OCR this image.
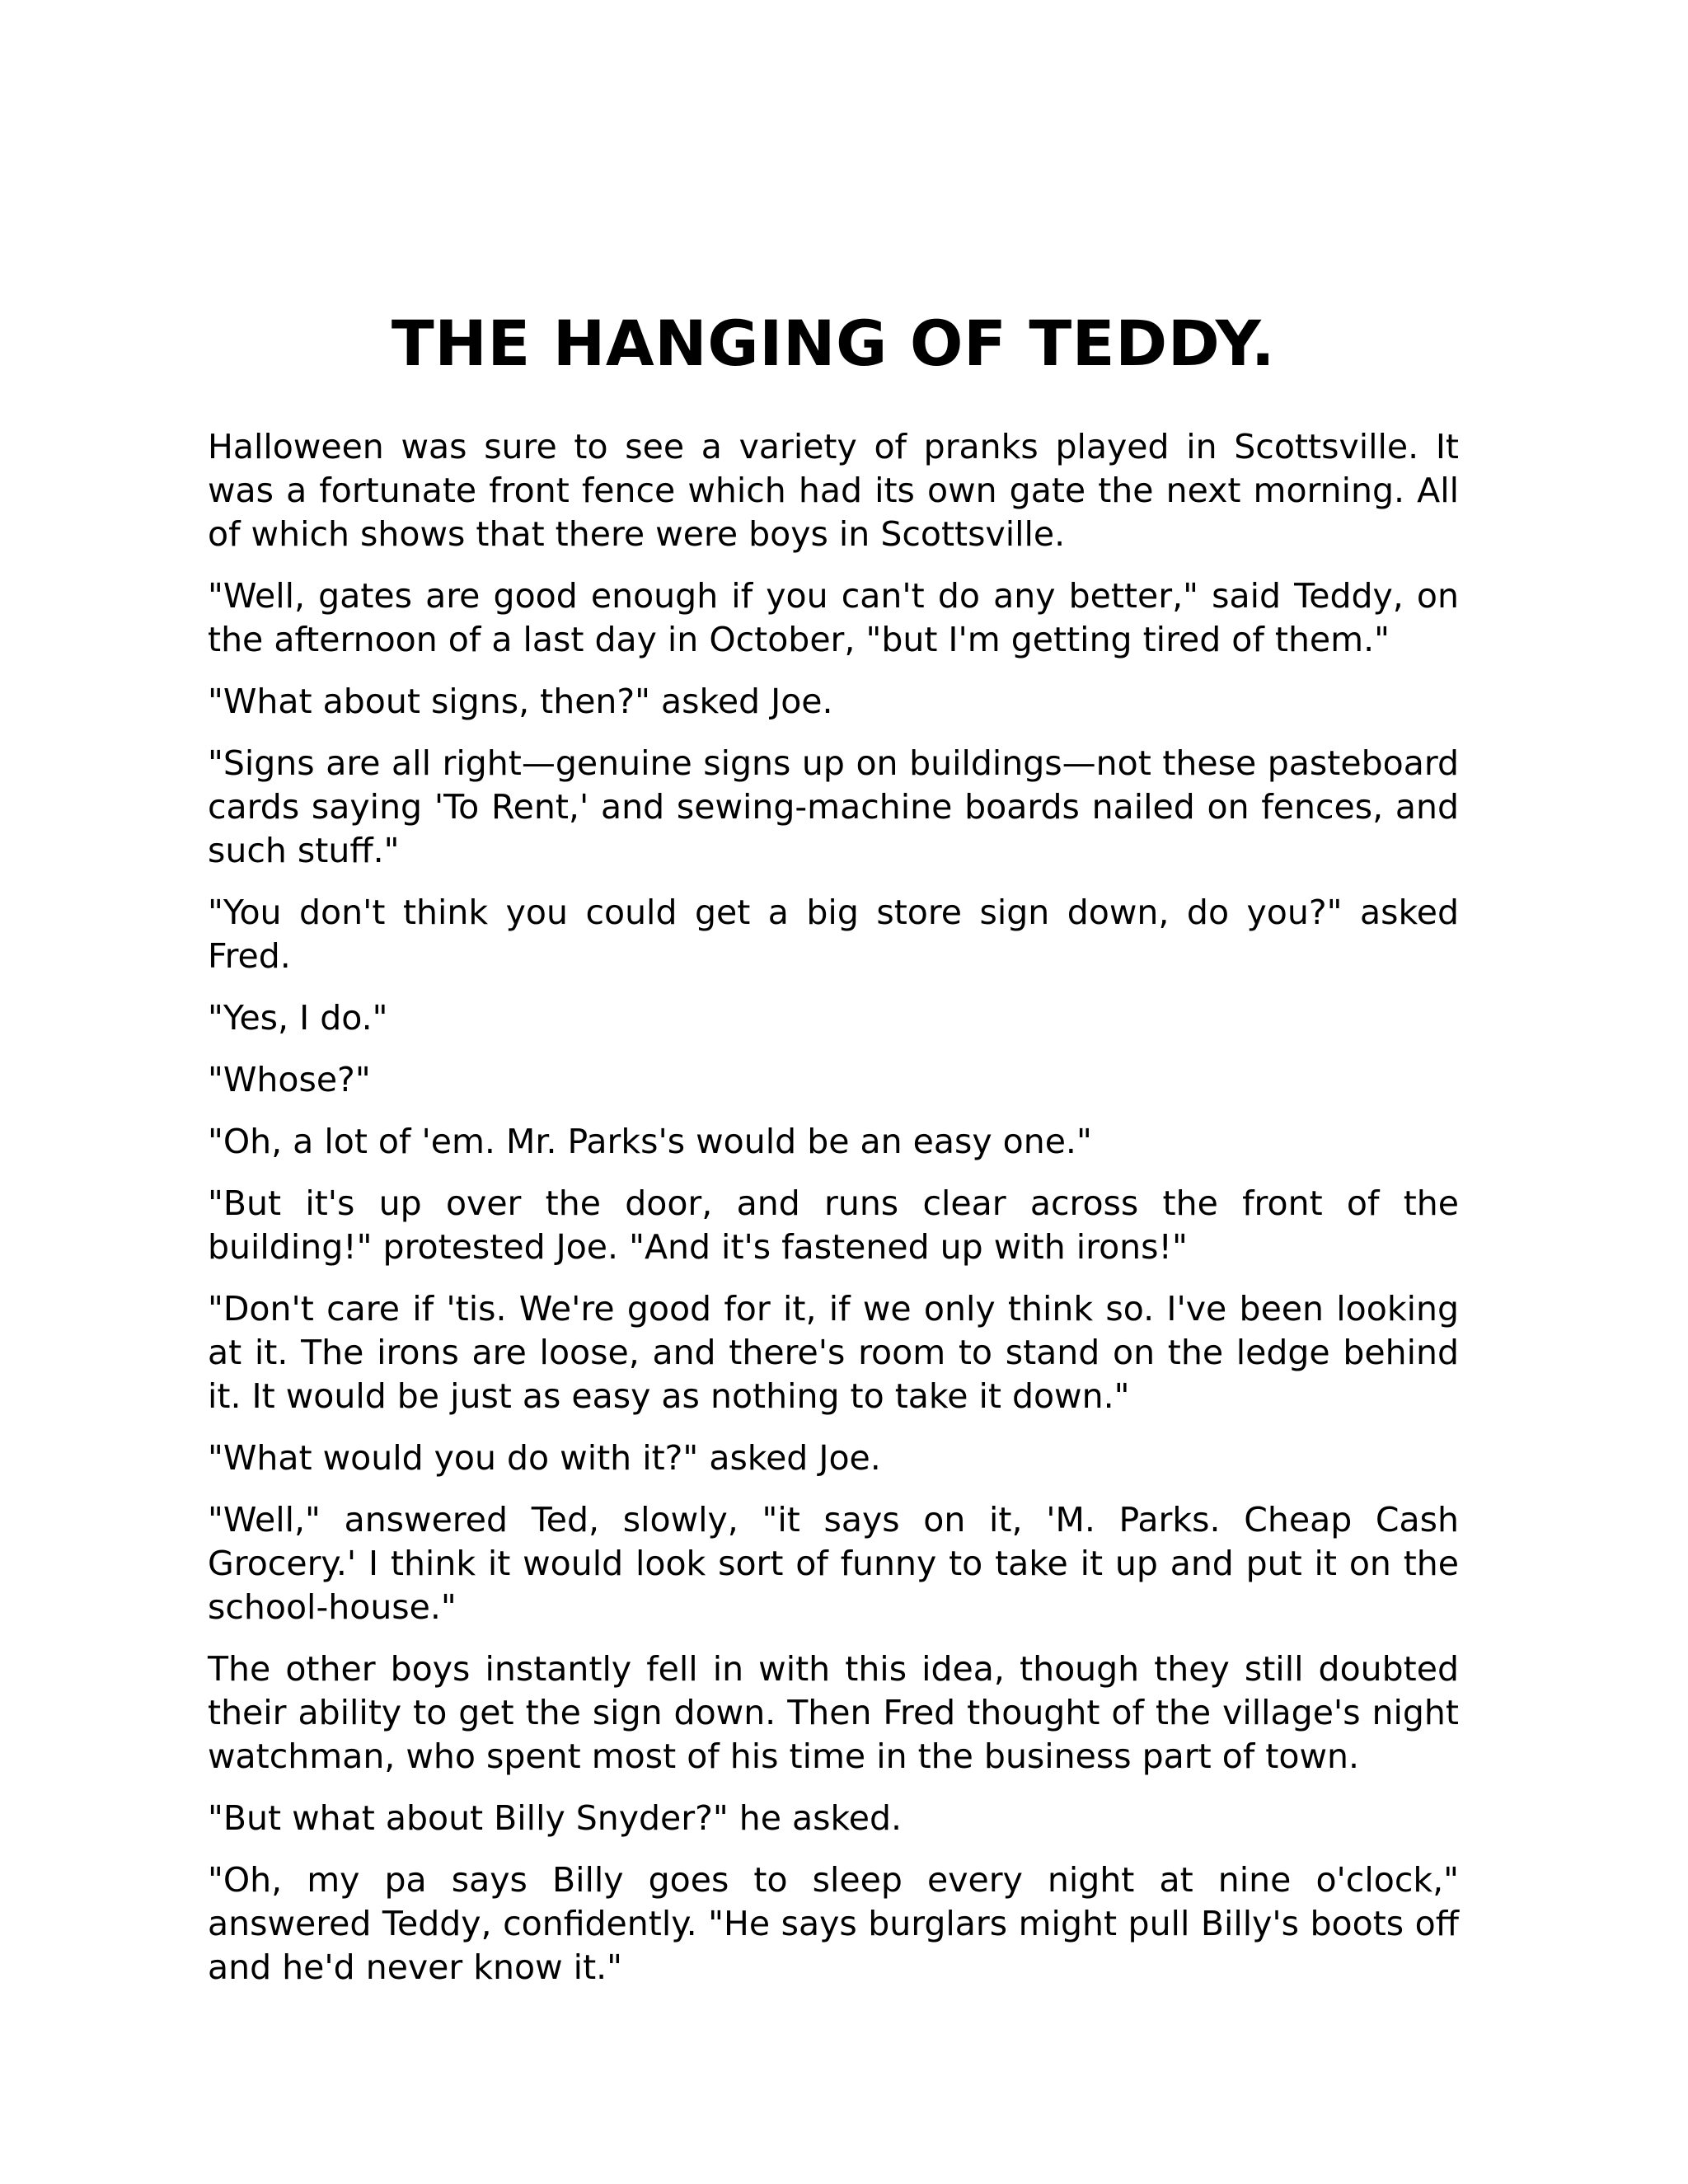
THE HANGING OF TEDDY.

Halloween was sure to see a variety of pranks played in Scottsville. It was a fortunate front fence which had its own gate the next morning. All of which shows that there were boys in Scottsville.

"Well, gates are good enough if you can't do any better," said Teddy, on the afternoon of a last day in October, "but I'm getting tired of them."

"What about signs, then?" asked Joe.

"Signs are all right—genuine signs up on buildings—not these pasteboard cards saying 'To Rent,' and sewing-machine boards nailed on fences, and such stuff."

"You don't think you could get a big store sign down, do you?" asked Fred.

"Yes, I do."

"Whose?"

"Oh, a lot of 'em. Mr. Parks's would be an easy one."

"But it's up over the door, and runs clear across the front of the building!" protested Joe. "And it's fastened up with irons!"

"Don't care if 'tis. We're good for it, if we only think so. I've been looking at it. The irons are loose, and there's room to stand on the ledge behind it. It would be just as easy as nothing to take it down."

"What would you do with it?" asked Joe.

"Well," answered Ted, slowly, "it says on it, 'M. Parks. Cheap Cash Grocery.' I think it would look sort of funny to take it up and put it on the school-house."

The other boys instantly fell in with this idea, though they still doubted their ability to get the sign down. Then Fred thought of the village's night watchman, who spent most of his time in the business part of town.

"But what about Billy Snyder?" he asked.

"Oh, my pa says Billy goes to sleep every night at nine o'clock," answered Teddy, confidently. "He says burglars might pull Billy's boots off and he'd never know it."
